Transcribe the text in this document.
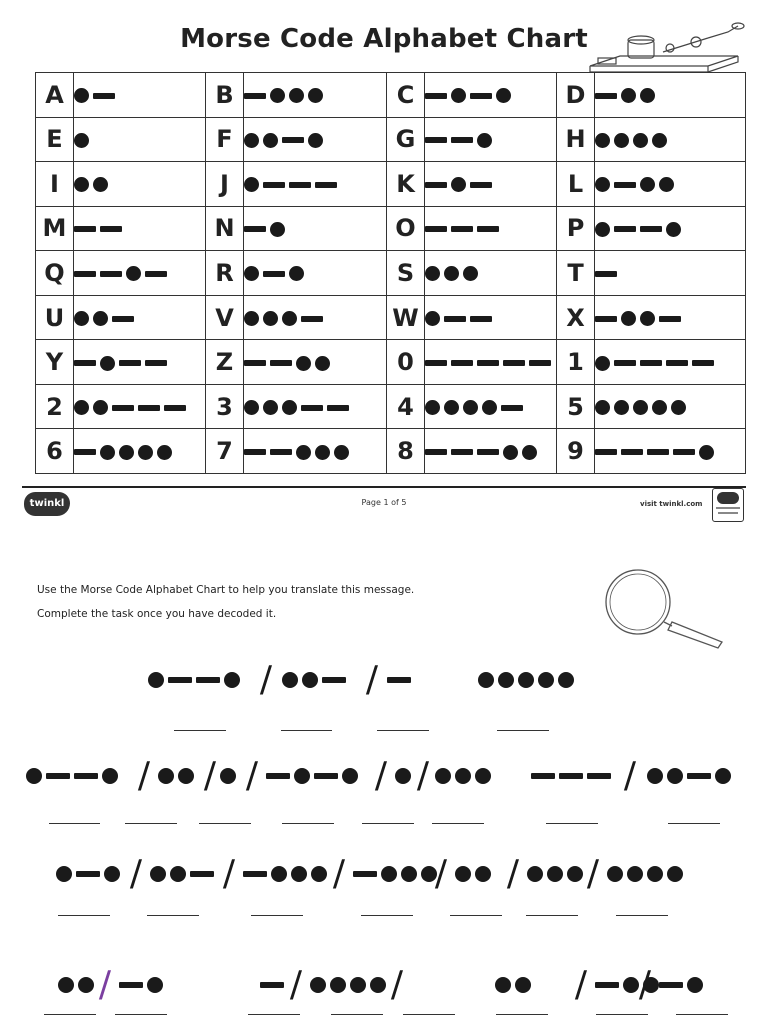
Morse Code Alphabet Chart
A		B		C		D	

E		F		G		H	

I		J		K		L	

M		N		O		P	

Q		R		S		T	

U		V		W		X	

Y		Z		0		1	

2		3		4		5	

6		7		8		9	
twinkl	Page 1 of 5	visit twinkl.com
Use the Morse Code Alphabet Chart to help you translate this message.
Complete the task once you have decoded it.
/	/
/ / /	/ /	/
/ /	/ / / /
/	/ /	/ /
